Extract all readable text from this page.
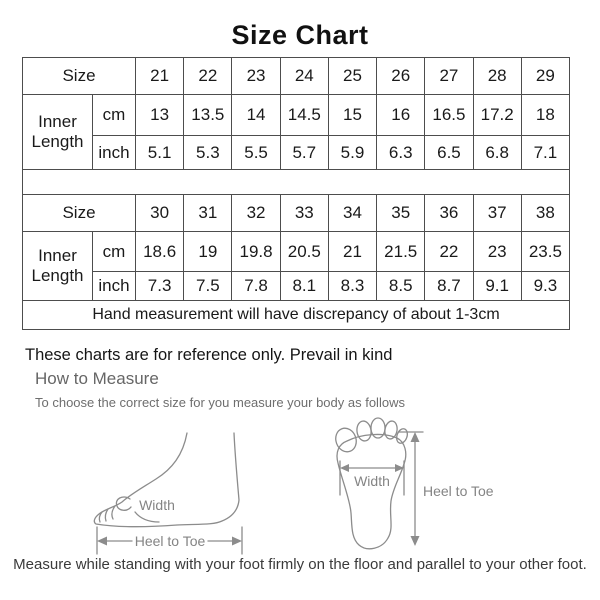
Size Chart
Size		21	22	23	24	25	26	27	28	29
Inner Length	cm	13	13.5	14	14.5	15	16	16.5	17.2	18
	inch	5.1	5.3	5.5	5.7	5.9	6.3	6.5	6.8	7.1

Size		30	31	32	33	34	35	36	37	38
Inner Length	cm	18.6	19	19.8	20.5	21	21.5	22	23	23.5
	inch	7.3	7.5	7.8	8.1	8.3	8.5	8.7	9.1	9.3
Hand measurement will have discrepancy of about 1-3cm										
These charts are for reference only. Prevail in kind
How to Measure
To choose the correct size for you measure your body as follows
Width
Heel to Toe
Width
Heel to Toe
Measure while standing with your foot firmly on the floor and parallel to your other foot.
